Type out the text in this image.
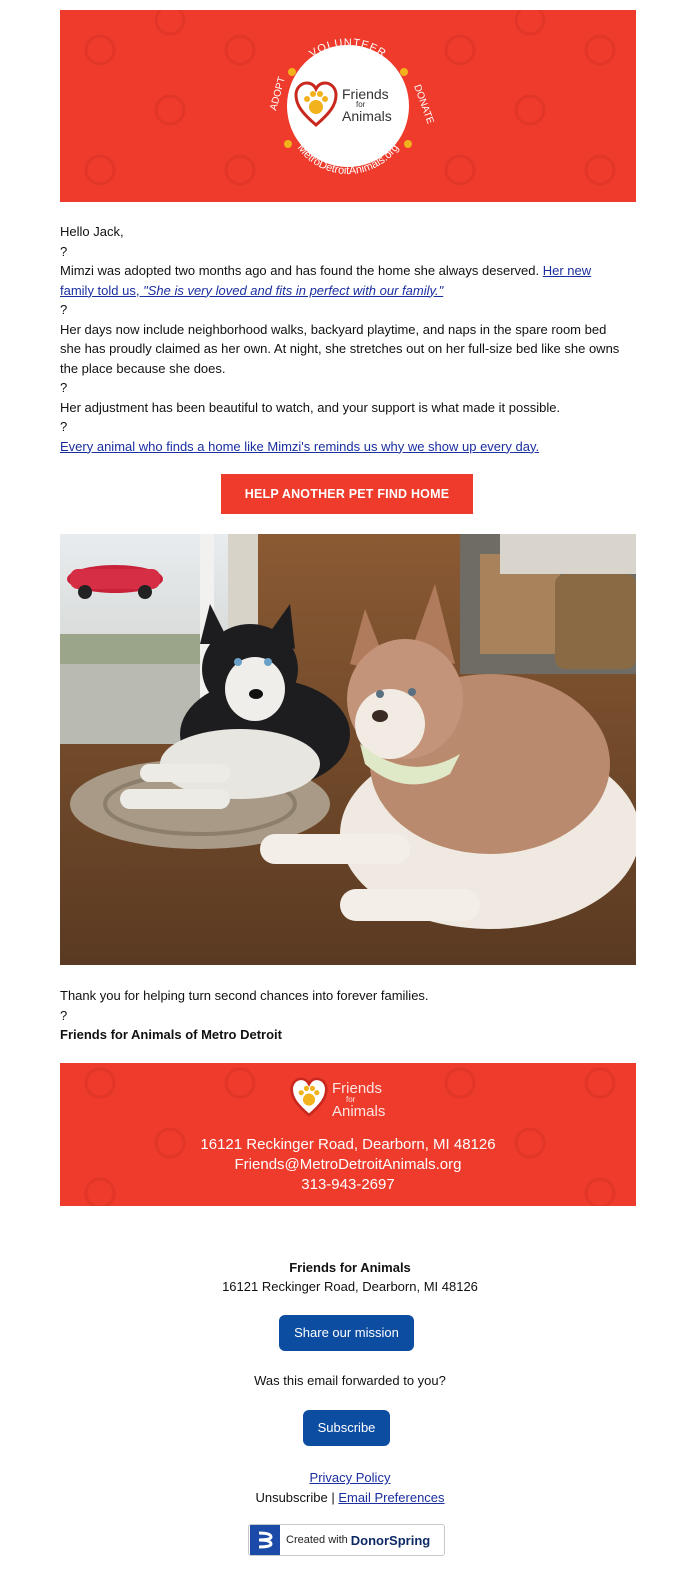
VOLUNTEER
MetroDetroitAnimals.org
ADOPT	DONATE
Friends
for
Animals

Hello Jack,

?

Mimzi was adopted two months ago and has found the home she always deserved. Her new family told us, "She is very loved and fits in perfect with our family."

?

Her days now include neighborhood walks, backyard playtime, and naps in the spare room bed she has proudly claimed as her own. At night, she stretches out on her full-size bed like she owns the place because she does.

?

Her adjustment has been beautiful to watch, and your support is what made it possible.

?

Every animal who finds a home like Mimzi's reminds us why we show up every day.

HELP ANOTHER PET FIND HOME

Thank you for helping turn second chances into forever families.

?

Friends for Animals of Metro Detroit

Friends
for
Animals
16121 Reckinger Road, Dearborn, MI 48126
Friends@MetroDetroitAnimals.org
313-943-2697
Friends for Animals
16121 Reckinger Road, Dearborn, MI 48126
Share our mission
Was this email forwarded to you?
Subscribe
Privacy Policy
Unsubscribe | Email Preferences
Created with DonorSpring
